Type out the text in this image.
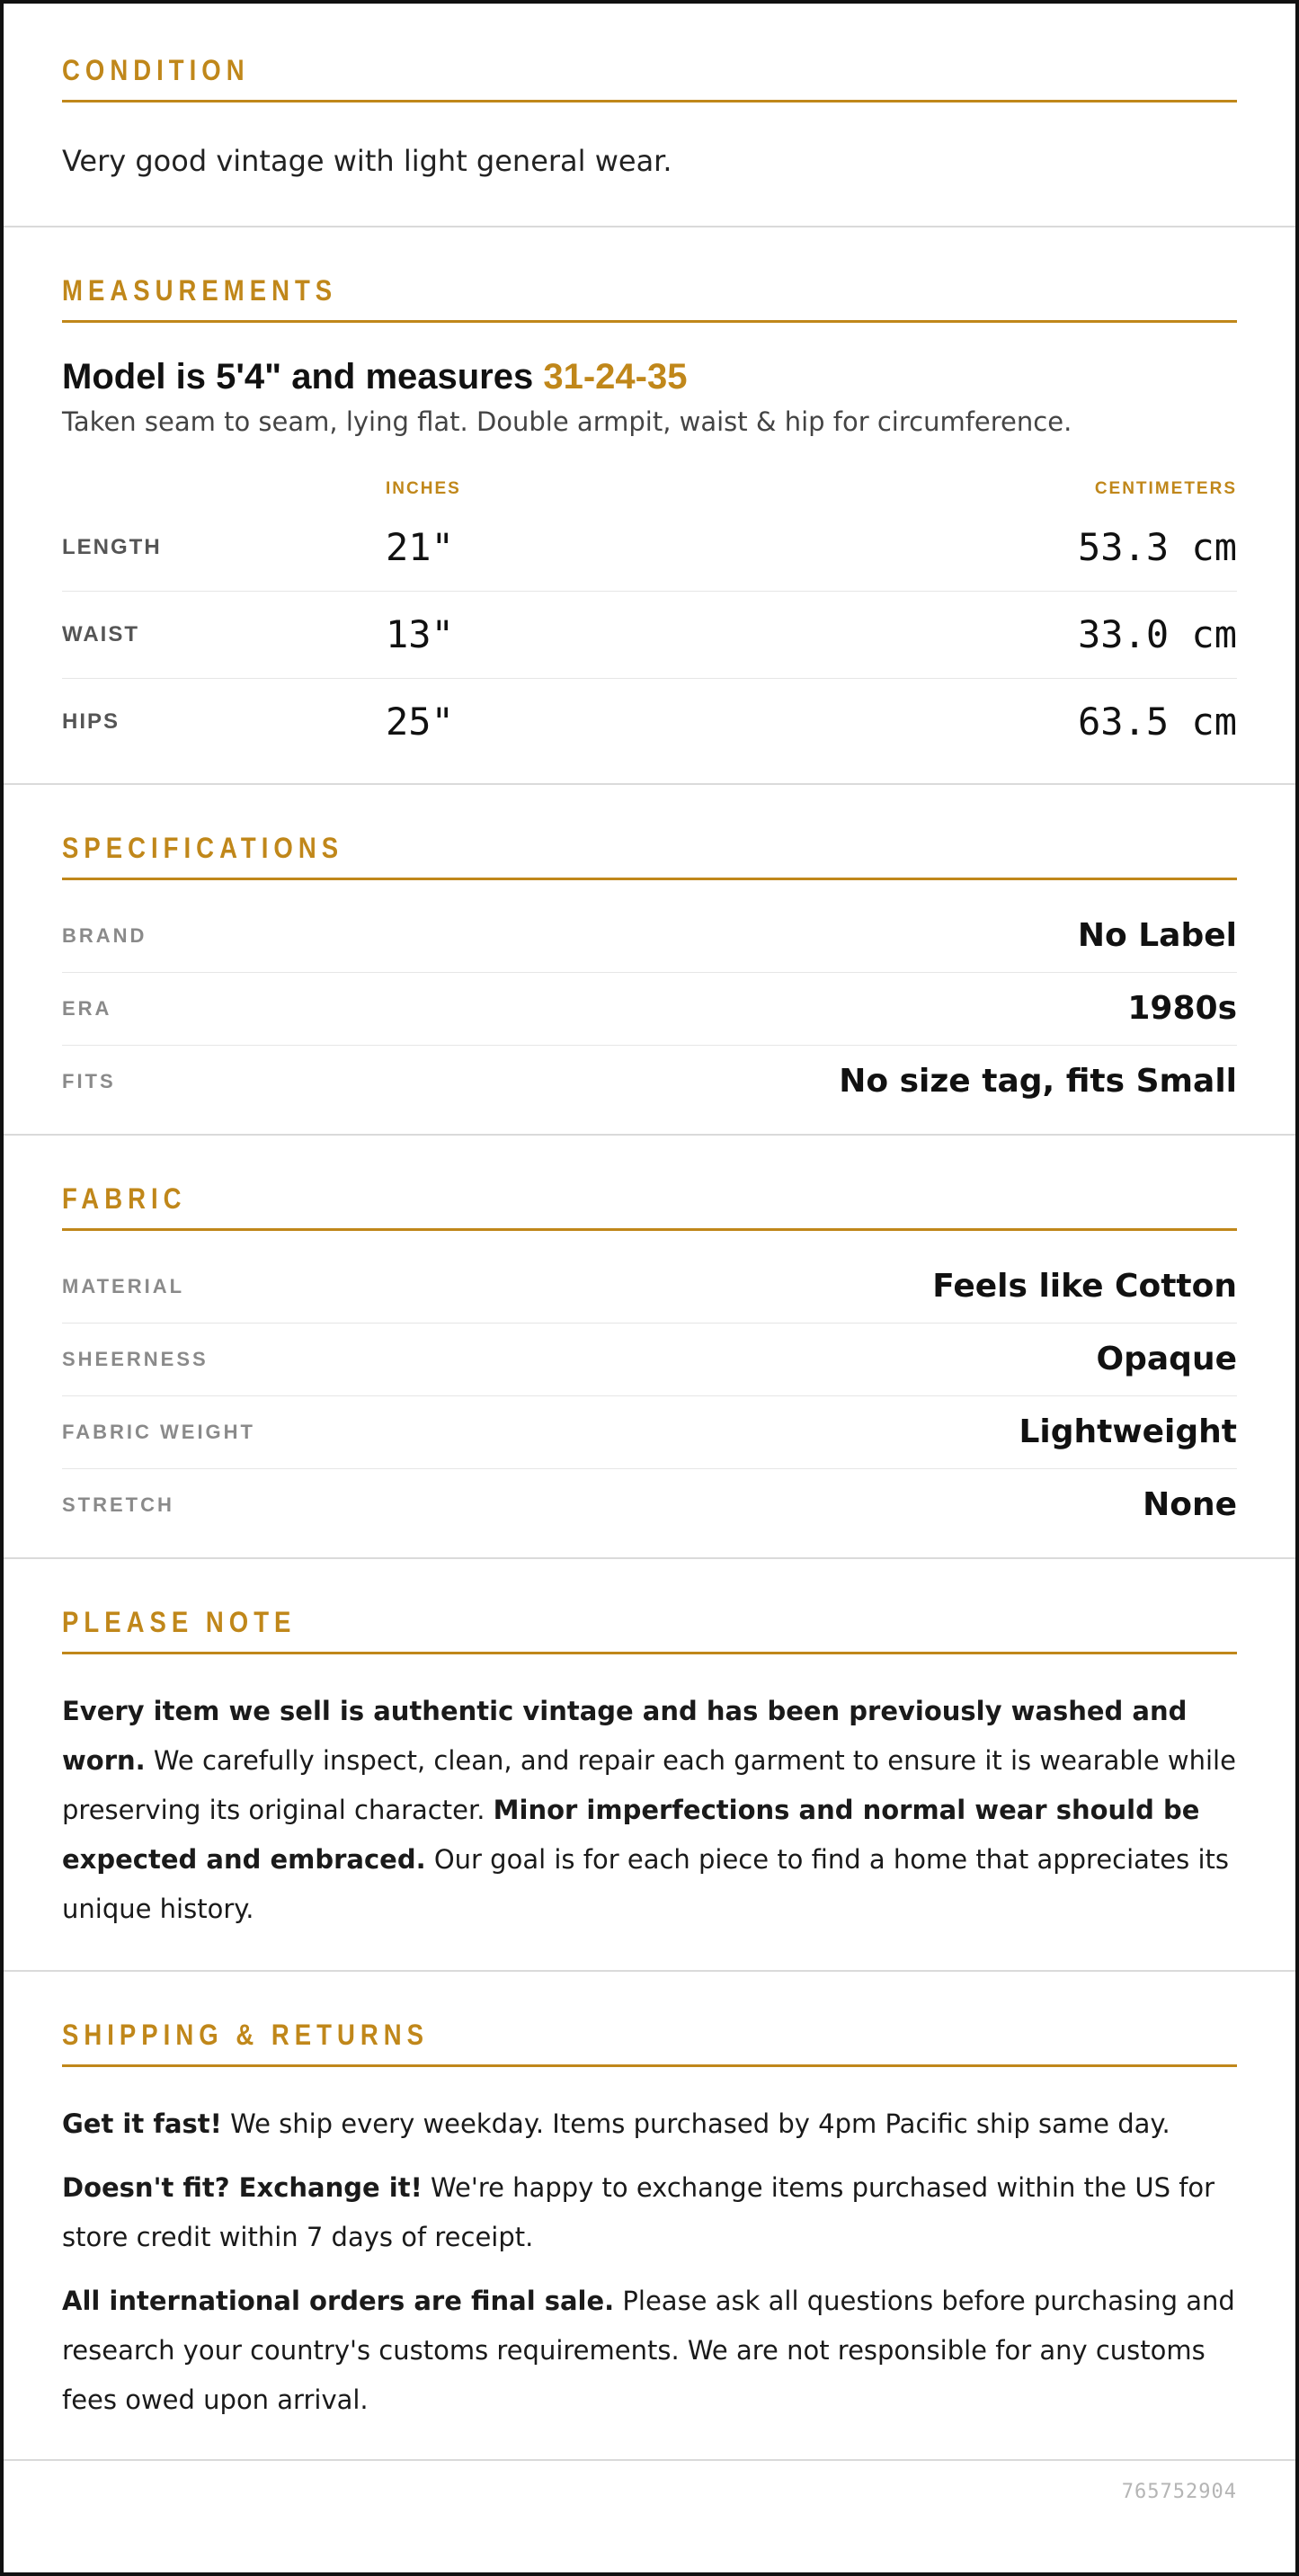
CONDITION
Very good vintage with light general wear.
MEASUREMENTS
Model is 5'4" and measures 31-24-35
Taken seam to seam, lying flat. Double armpit, waist & hip for circumference.
INCHES	CENTIMETERS
LENGTH	21"	53.3 cm
WAIST	13"	33.0 cm
HIPS	25"	63.5 cm
SPECIFICATIONS
BRAND	No Label
ERA	1980s
FITS	No size tag, fits Small
FABRIC
MATERIAL	Feels like Cotton
SHEERNESS	Opaque
FABRIC WEIGHT	Lightweight
STRETCH	None
PLEASE NOTE

Every item we sell is authentic vintage and has been previously washed and worn. We carefully inspect, clean, and repair each garment to ensure it is wearable while preserving its original character. Minor imperfections and normal wear should be expected and embraced. Our goal is for each piece to find a home that appreciates its unique history.

SHIPPING & RETURNS

Get it fast! We ship every weekday. Items purchased by 4pm Pacific ship same day.

Doesn't fit? Exchange it! We're happy to exchange items purchased within the US for store credit within 7 days of receipt.

All international orders are final sale. Please ask all questions before purchasing and research your country's customs requirements. We are not responsible for any customs fees owed upon arrival.

765752904
